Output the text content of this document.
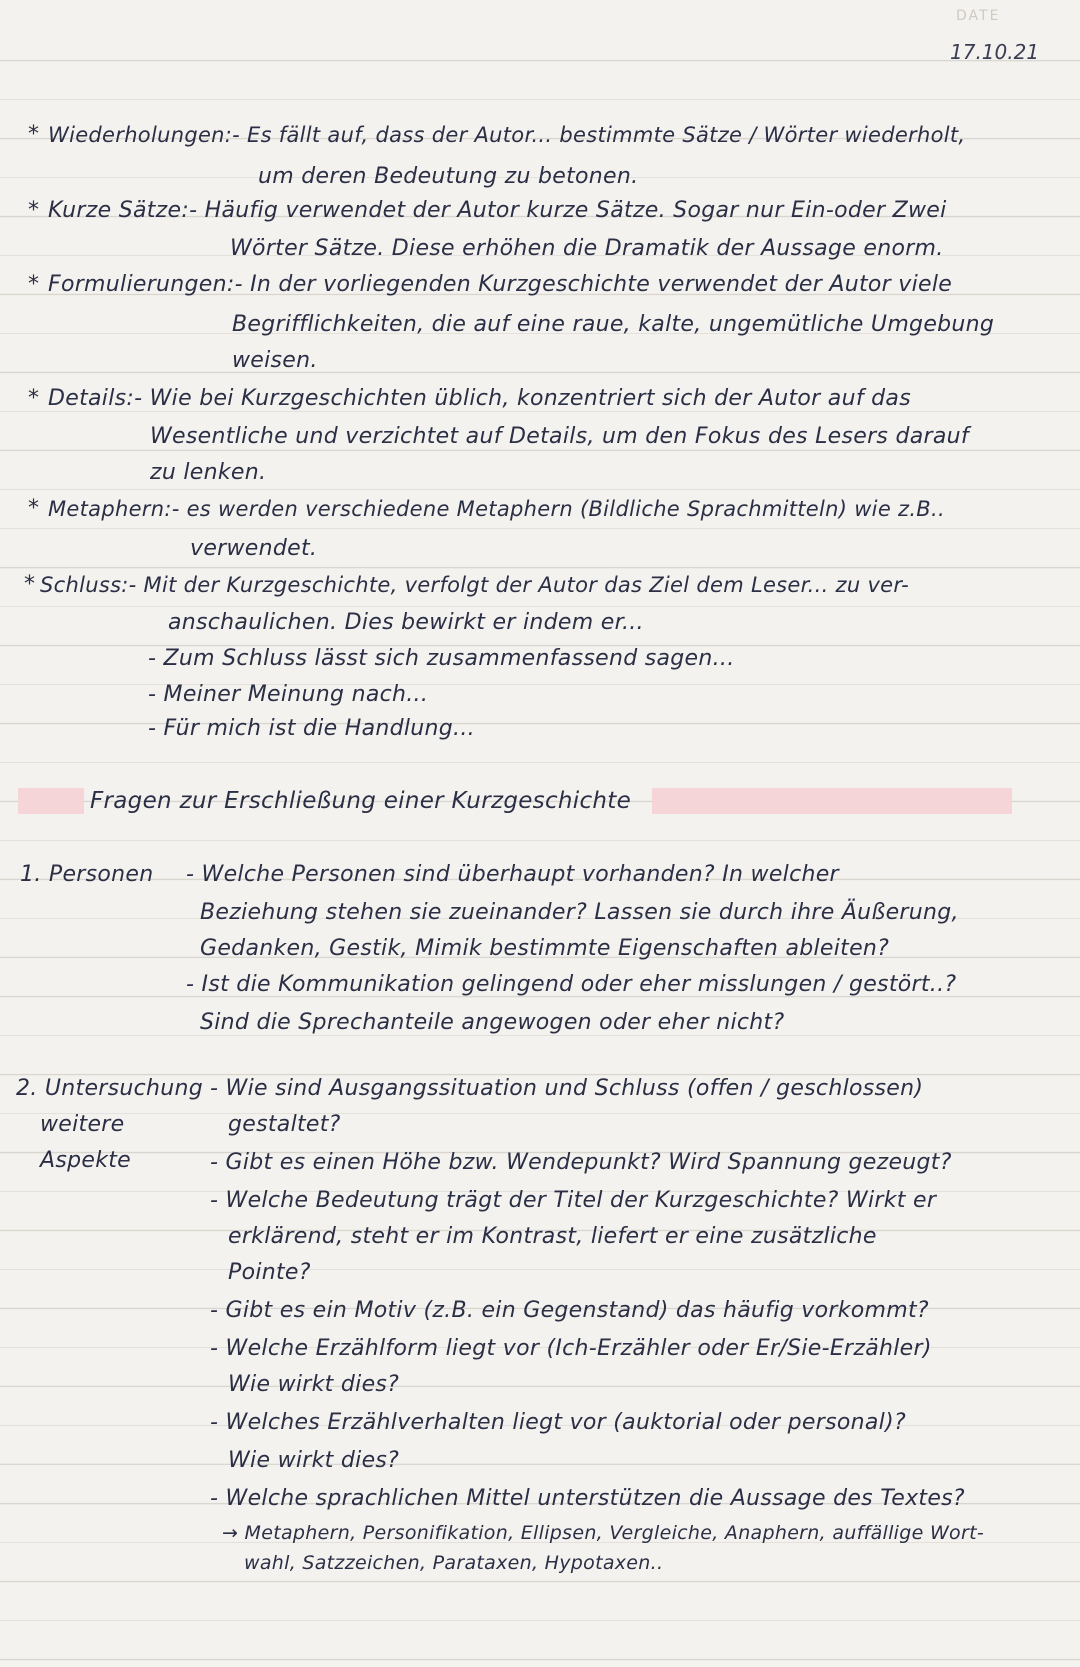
DATE
17.10.21
* Wiederholungen:- Es fällt auf, dass der Autor... bestimmte Sätze / Wörter wiederholt,
um deren Bedeutung zu betonen.
* Kurze Sätze:- Häufig verwendet der Autor kurze Sätze. Sogar nur Ein-oder Zwei
Wörter Sätze. Diese erhöhen die Dramatik der Aussage enorm.
* Formulierungen:- In der vorliegenden Kurzgeschichte verwendet der Autor viele
Begrifflichkeiten, die auf eine raue, kalte, ungemütliche Umgebung
weisen.
* Details:- Wie bei Kurzgeschichten üblich, konzentriert sich der Autor auf das
Wesentliche und verzichtet auf Details, um den Fokus des Lesers darauf
zu lenken.
* Metaphern:- es werden verschiedene Metaphern (Bildliche Sprachmitteln) wie z.B..
verwendet.
* Schluss:- Mit der Kurzgeschichte, verfolgt der Autor das Ziel dem Leser... zu ver-
anschaulichen. Dies bewirkt er indem er...
- Zum Schluss lässt sich zusammenfassend sagen...
- Meiner Meinung nach...
- Für mich ist die Handlung...
Fragen zur Erschließung einer Kurzgeschichte
1. Personen - Welche Personen sind überhaupt vorhanden? In welcher
Beziehung stehen sie zueinander? Lassen sie durch ihre Äußerung,
Gedanken, Gestik, Mimik bestimmte Eigenschaften ableiten?
- Ist die Kommunikation gelingend oder eher misslungen / gestört..?
Sind die Sprechanteile angewogen oder eher nicht?
2. Untersuchung
weitere
Aspekte
- Wie sind Ausgangssituation und Schluss (offen / geschlossen)
gestaltet?
- Gibt es einen Höhe bzw. Wendepunkt? Wird Spannung gezeugt?
- Welche Bedeutung trägt der Titel der Kurzgeschichte? Wirkt er
erklärend, steht er im Kontrast, liefert er eine zusätzliche
Pointe?
- Gibt es ein Motiv (z.B. ein Gegenstand) das häufig vorkommt?
- Welche Erzählform liegt vor (Ich-Erzähler oder Er/Sie-Erzähler)
Wie wirkt dies?
- Welches Erzählverhalten liegt vor (auktorial oder personal)?
Wie wirkt dies?
- Welche sprachlichen Mittel unterstützen die Aussage des Textes?
→ Metaphern, Personifikation, Ellipsen, Vergleiche, Anaphern, auffällige Wort-
wahl, Satzzeichen, Parataxen, Hypotaxen..
